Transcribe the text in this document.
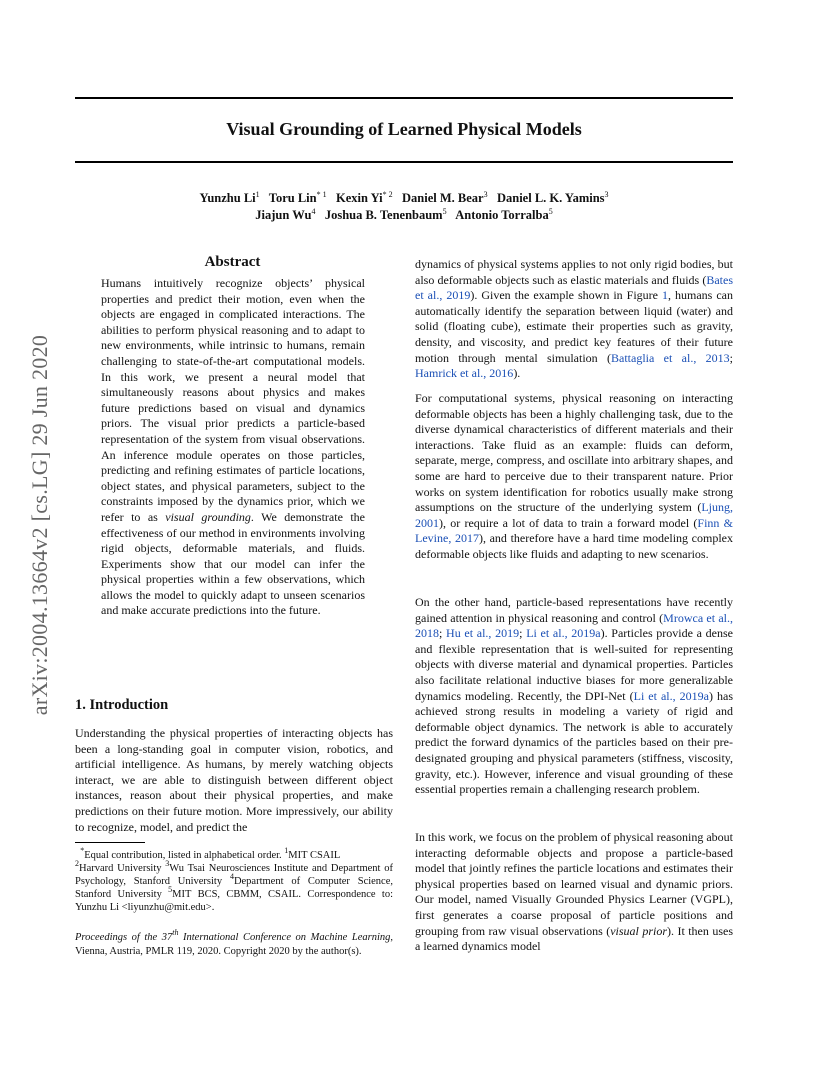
Visual Grounding of Learned Physical Models
Yunzhu Li$^1$ Toru Lin$^{* 1}$ Kexin Yi$^{* 2}$ Daniel M. Bear$^3$ Daniel L. K. Yamins$^3$
Jiajun Wu$^4$ Joshua B. Tenenbaum$^5$ Antonio Torralba$^5$
arXiv:2004.13664v2 [cs.LG] 29 Jun 2020
Abstract

Humans intuitively recognize objects’ physical properties and predict their motion, even when the objects are engaged in complicated interactions. The abilities to perform physical reasoning and to adapt to new environments, while intrinsic to humans, remain challenging to state-of-the-art computational models. In this work, we present a neural model that simultaneously reasons about physics and makes future predictions based on visual and dynamics priors. The visual prior predicts a particle-based representation of the system from visual observations. An inference module operates on those particles, predicting and refining estimates of particle locations, object states, and physical parameters, subject to the constraints imposed by the dynamics prior, which we refer to as visual grounding. We demonstrate the effectiveness of our method in environments involving rigid objects, deformable materials, and fluids. Experiments show that our model can infer the physical properties within a few observations, which allows the model to quickly adapt to unseen scenarios and make accurate predictions into the future.

1. Introduction

Understanding the physical properties of interacting objects has been a long-standing goal in computer vision, robotics, and artificial intelligence. As humans, by merely watching objects interact, we are able to distinguish between different object instances, reason about their physical properties, and make predictions on their future motion. More impressively, our ability to recognize, model, and predict the

*Equal contribution, listed in alphabetical order. $^1$MIT CSAIL
$^2$Harvard University $^3$Wu Tsai Neurosciences Institute and Department of Psychology, Stanford University $^4$Department of Computer Science, Stanford University $^5$MIT BCS, CBMM, CSAIL. Correspondence to: Yunzhu Li <liyunzhu@mit.edu>.

Proceedings of the 37th International Conference on Machine Learning, Vienna, Austria, PMLR 119, 2020. Copyright 2020 by the author(s).

dynamics of physical systems applies to not only rigid bodies, but also deformable objects such as elastic materials and fluids (Bates et al., 2019). Given the example shown in Figure 1, humans can automatically identify the separation between liquid (water) and solid (floating cube), estimate their properties such as gravity, density, and viscosity, and predict key features of their future motion through mental simulation (Battaglia et al., 2013; Hamrick et al., 2016).

For computational systems, physical reasoning on interacting deformable objects has been a highly challenging task, due to the diverse dynamical characteristics of different materials and their interactions. Take fluid as an example: fluids can deform, separate, merge, compress, and oscillate into arbitrary shapes, and some are hard to perceive due to their transparent nature. Prior works on system identification for robotics usually make strong assumptions on the structure of the underlying system (Ljung, 2001), or require a lot of data to train a forward model (Finn & Levine, 2017), and therefore have a hard time modeling complex deformable objects like fluids and adapting to new scenarios.

On the other hand, particle-based representations have recently gained attention in physical reasoning and control (Mrowca et al., 2018; Hu et al., 2019; Li et al., 2019a). Particles provide a dense and flexible representation that is well-suited for representing objects with diverse material and dynamical properties. Particles also facilitate relational inductive biases for more generalizable dynamics modeling. Recently, the DPI-Net (Li et al., 2019a) has achieved strong results in modeling a variety of rigid and deformable object dynamics. The network is able to accurately predict the forward dynamics of the particles based on their pre-designated grouping and physical parameters (stiffness, viscosity, gravity, etc.). However, inference and visual grounding of these essential properties remain a challenging research problem.

In this work, we focus on the problem of physical reasoning about interacting deformable objects and propose a particle-based model that jointly refines the particle locations and estimates their physical properties based on learned visual and dynamic priors. Our model, named Visually Grounded Physics Learner (VGPL), first generates a coarse proposal of particle positions and grouping from raw visual observations (visual prior). It then uses a learned dynamics model
